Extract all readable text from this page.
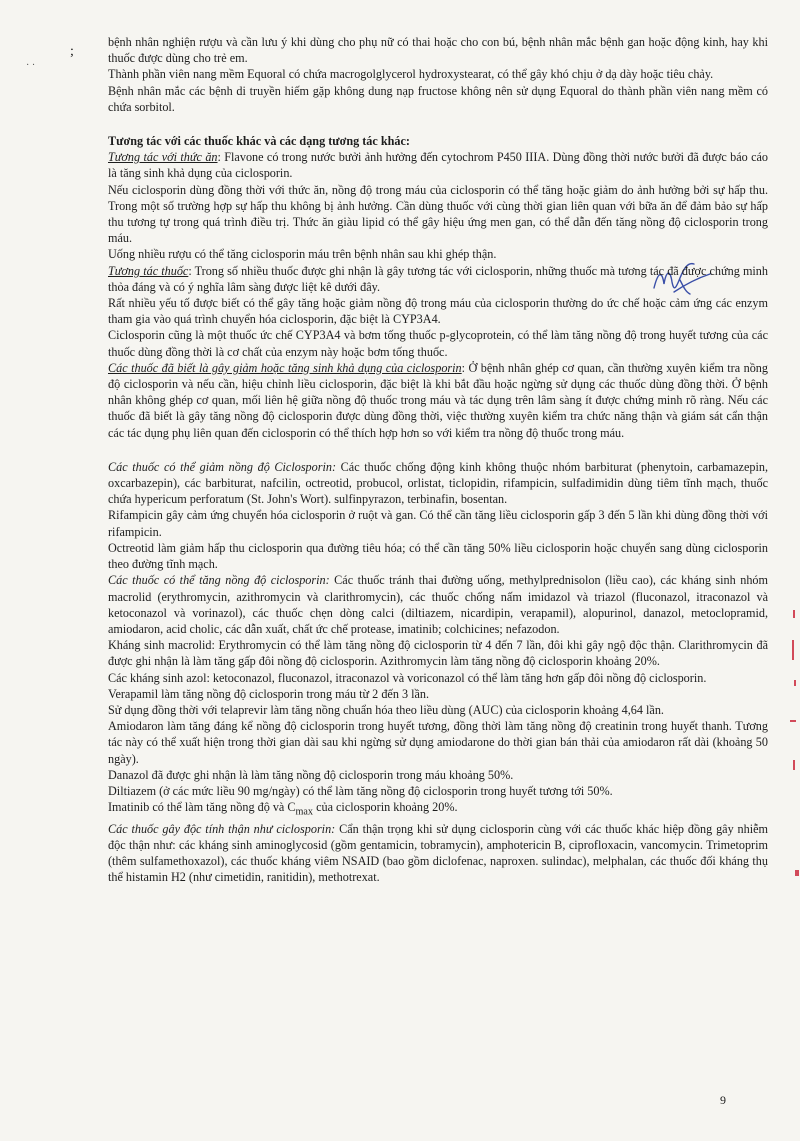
;
· ·

bệnh nhân nghiện rượu và cần lưu ý khi dùng cho phụ nữ có thai hoặc cho con bú, bệnh nhân mắc bệnh gan hoặc động kinh, hay khi thuốc được dùng cho trẻ em.

Thành phần viên nang mềm Equoral có chứa macrogolglycerol hydroxystearat, có thể gây khó chịu ở dạ dày hoặc tiêu chảy.

Bệnh nhân mắc các bệnh di truyền hiếm gặp không dung nạp fructose không nên sử dụng Equoral do thành phần viên nang mềm có chứa sorbitol.

Tương tác với các thuốc khác và các dạng tương tác khác:

Tương tác với thức ăn: Flavone có trong nước bưởi ảnh hưởng đến cytochrom P450 IIIA. Dùng đồng thời nước bưởi đã được báo cáo là tăng sinh khả dụng của ciclosporin.

Nếu ciclosporin dùng đồng thời với thức ăn, nồng độ trong máu của ciclosporin có thể tăng hoặc giảm do ảnh hưởng bởi sự hấp thu. Trong một số trường hợp sự hấp thu không bị ảnh hưởng. Cần dùng thuốc với cùng thời gian liên quan với bữa ăn để đảm bảo sự hấp thu tương tự trong quá trình điều trị. Thức ăn giàu lipid có thể gây hiệu ứng men gan, có thể dẫn đến tăng nồng độ ciclosporin trong máu.

Uống nhiều rượu có thể tăng ciclosporin máu trên bệnh nhân sau khi ghép thận.

Tương tác thuốc: Trong số nhiều thuốc được ghi nhận là gây tương tác với ciclosporin, những thuốc mà tương tác đã được chứng minh thỏa đáng và có ý nghĩa lâm sàng được liệt kê dưới đây.

Rất nhiều yếu tố được biết có thể gây tăng hoặc giảm nồng độ trong máu của ciclosporin thường do ức chế hoặc cảm ứng các enzym tham gia vào quá trình chuyển hóa ciclosporin, đặc biệt là CYP3A4.

Ciclosporin cũng là một thuốc ức chế CYP3A4 và bơm tống thuốc p-glycoprotein, có thể làm tăng nồng độ trong huyết tương của các thuốc dùng đồng thời là cơ chất của enzym này hoặc bơm tống thuốc.

Các thuốc đã biết là gây giảm hoặc tăng sinh khả dụng của ciclosporin: Ở bệnh nhân ghép cơ quan, cần thường xuyên kiểm tra nồng độ ciclosporin và nếu cần, hiệu chỉnh liều ciclosporin, đặc biệt là khi bắt đầu hoặc ngừng sử dụng các thuốc dùng đồng thời. Ở bệnh nhân không ghép cơ quan, mối liên hệ giữa nồng độ thuốc trong máu và tác dụng trên lâm sàng ít được chứng minh rõ ràng. Nếu các thuốc đã biết là gây tăng nồng độ ciclosporin được dùng đồng thời, việc thường xuyên kiểm tra chức năng thận và giám sát cẩn thận các tác dụng phụ liên quan đến ciclosporin có thể thích hợp hơn so với kiểm tra nồng độ thuốc trong máu.

Các thuốc có thể giảm nồng độ Ciclosporin: Các thuốc chống động kinh không thuộc nhóm barbiturat (phenytoin, carbamazepin, oxcarbazepin), các barbiturat, nafcilin, octreotid, probucol, orlistat, ticlopidin, rifampicin, sulfadimidin dùng tiêm tĩnh mạch, thuốc chứa hypericum perforatum (St. John's Wort). sulfinpyrazon, terbinafin, bosentan.

Rifampicin gây cảm ứng chuyển hóa ciclosporin ở ruột và gan. Có thể cần tăng liều ciclosporin gấp 3 đến 5 lần khi dùng đồng thời với rifampicin.

Octreotid làm giảm hấp thu ciclosporin qua đường tiêu hóa; có thể cần tăng 50% liều ciclosporin hoặc chuyển sang dùng ciclosporin theo đường tĩnh mạch.

Các thuốc có thể tăng nồng độ ciclosporin: Các thuốc tránh thai đường uống, methylprednisolon (liều cao), các kháng sinh nhóm macrolid (erythromycin, azithromycin và clarithromycin), các thuốc chống nấm imidazol và triazol (fluconazol, itraconazol và ketoconazol và vorinazol), các thuốc chẹn dòng calci (diltiazem, nicardipin, verapamil), alopurinol, danazol, metoclopramid, amiodaron, acid cholic, các dẫn xuất, chất ức chế protease, imatinib; colchicines; nefazodon.

Kháng sinh macrolid: Erythromycin có thể làm tăng nồng độ ciclosporin từ 4 đến 7 lần, đôi khi gây ngộ độc thận. Clarithromycin đã được ghi nhận là làm tăng gấp đôi nồng độ ciclosporin. Azithromycin làm tăng nồng độ ciclosporin khoảng 20%.

Các kháng sinh azol: ketoconazol, fluconazol, itraconazol và voriconazol có thể làm tăng hơn gấp đôi nồng độ ciclosporin.

Verapamil làm tăng nồng độ ciclosporin trong máu từ 2 đến 3 lần.

Sử dụng đồng thời với telaprevir làm tăng nồng chuẩn hóa theo liều dùng (AUC) của ciclosporin khoảng 4,64 lần.

Amiodaron làm tăng đáng kể nồng độ ciclosporin trong huyết tương, đồng thời làm tăng nồng độ creatinin trong huyết thanh. Tương tác này có thể xuất hiện trong thời gian dài sau khi ngừng sử dụng amiodarone do thời gian bán thải của amiodaron rất dài (khoảng 50 ngày).

Danazol đã được ghi nhận là làm tăng nồng độ ciclosporin trong máu khoảng 50%.

Diltiazem (ở các mức liều 90 mg/ngày) có thể làm tăng nồng độ ciclosporin trong huyết tương tới 50%.

Imatinib có thể làm tăng nồng độ và $C_{max}$ của ciclosporin khoảng 20%.

Các thuốc gây độc tính thận như ciclosporin: Cẩn thận trọng khi sử dụng ciclosporin cùng với các thuốc khác hiệp đồng gây nhiễm độc thận như: các kháng sinh aminoglycosid (gồm gentamicin, tobramycin), amphotericin B, ciprofloxacin, vancomycin. Trimetoprim (thêm sulfamethoxazol), các thuốc kháng viêm NSAID (bao gồm diclofenac, naproxen. sulindac), melphalan, các thuốc đối kháng thụ thể histamin H2 (như cimetidin, ranitidin), methotrexat.

9
